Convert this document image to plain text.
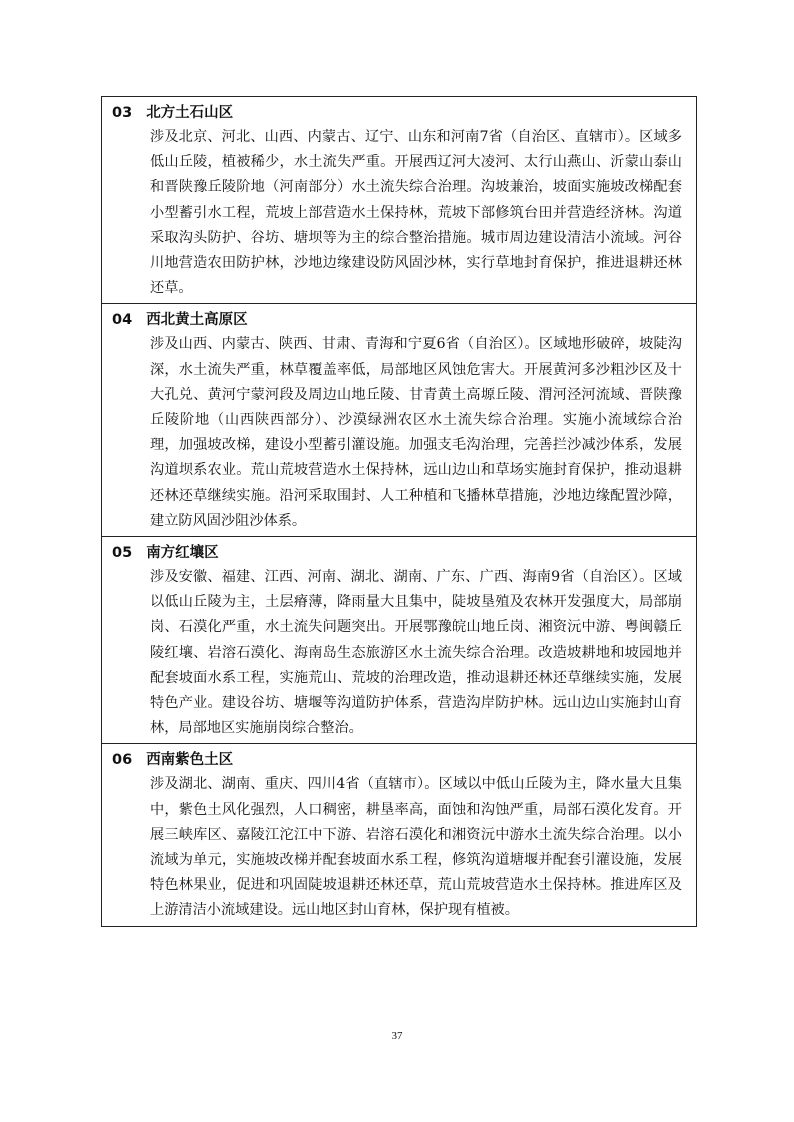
03 北方土石山区
涉及北京、河北、山西、内蒙古、辽宁、山东和河南7省（自治区、直辖市）。区域多低山丘陵，植被稀少，水土流失严重。开展西辽河大凌河、太行山燕山、沂蒙山泰山和晋陕豫丘陵阶地（河南部分）水土流失综合治理。沟坡兼治，坡面实施坡改梯配套小型蓄引水工程，荒坡上部营造水土保持林，荒坡下部修筑台田并营造经济林。沟道采取沟头防护、谷坊、塘坝等为主的综合整治措施。城市周边建设清洁小流域。河谷川地营造农田防护林，沙地边缘建设防风固沙林，实行草地封育保护，推进退耕还林还草。
04 西北黄土高原区
涉及山西、内蒙古、陕西、甘肃、青海和宁夏6省（自治区）。区域地形破碎，坡陡沟深，水土流失严重，林草覆盖率低，局部地区风蚀危害大。开展黄河多沙粗沙区及十大孔兑、黄河宁蒙河段及周边山地丘陵、甘青黄土高塬丘陵、渭河泾河流域、晋陕豫丘陵阶地（山西陕西部分）、沙漠绿洲农区水土流失综合治理。实施小流域综合治理，加强坡改梯，建设小型蓄引灌设施。加强支毛沟治理，完善拦沙减沙体系，发展沟道坝系农业。荒山荒坡营造水土保持林，远山边山和草场实施封育保护，推动退耕还林还草继续实施。沿河采取围封、人工种植和飞播林草措施，沙地边缘配置沙障，建立防风固沙阻沙体系。
05 南方红壤区
涉及安徽、福建、江西、河南、湖北、湖南、广东、广西、海南9省（自治区）。区域以低山丘陵为主，土层瘠薄，降雨量大且集中，陡坡垦殖及农林开发强度大，局部崩岗、石漠化严重，水土流失问题突出。开展鄂豫皖山地丘岗、湘资沅中游、粤闽赣丘陵红壤、岩溶石漠化、海南岛生态旅游区水土流失综合治理。改造坡耕地和坡园地并配套坡面水系工程，实施荒山、荒坡的治理改造，推动退耕还林还草继续实施，发展特色产业。建设谷坊、塘堰等沟道防护体系，营造沟岸防护林。远山边山实施封山育林，局部地区实施崩岗综合整治。
06 西南紫色土区
涉及湖北、湖南、重庆、四川4省（直辖市）。区域以中低山丘陵为主，降水量大且集中，紫色土风化强烈，人口稠密，耕垦率高，面蚀和沟蚀严重，局部石漠化发育。开展三峡库区、嘉陵江沱江中下游、岩溶石漠化和湘资沅中游水土流失综合治理。以小流域为单元，实施坡改梯并配套坡面水系工程，修筑沟道塘堰并配套引灌设施，发展特色林果业，促进和巩固陡坡退耕还林还草，荒山荒坡营造水土保持林。推进库区及上游清洁小流域建设。远山地区封山育林，保护现有植被。
37
